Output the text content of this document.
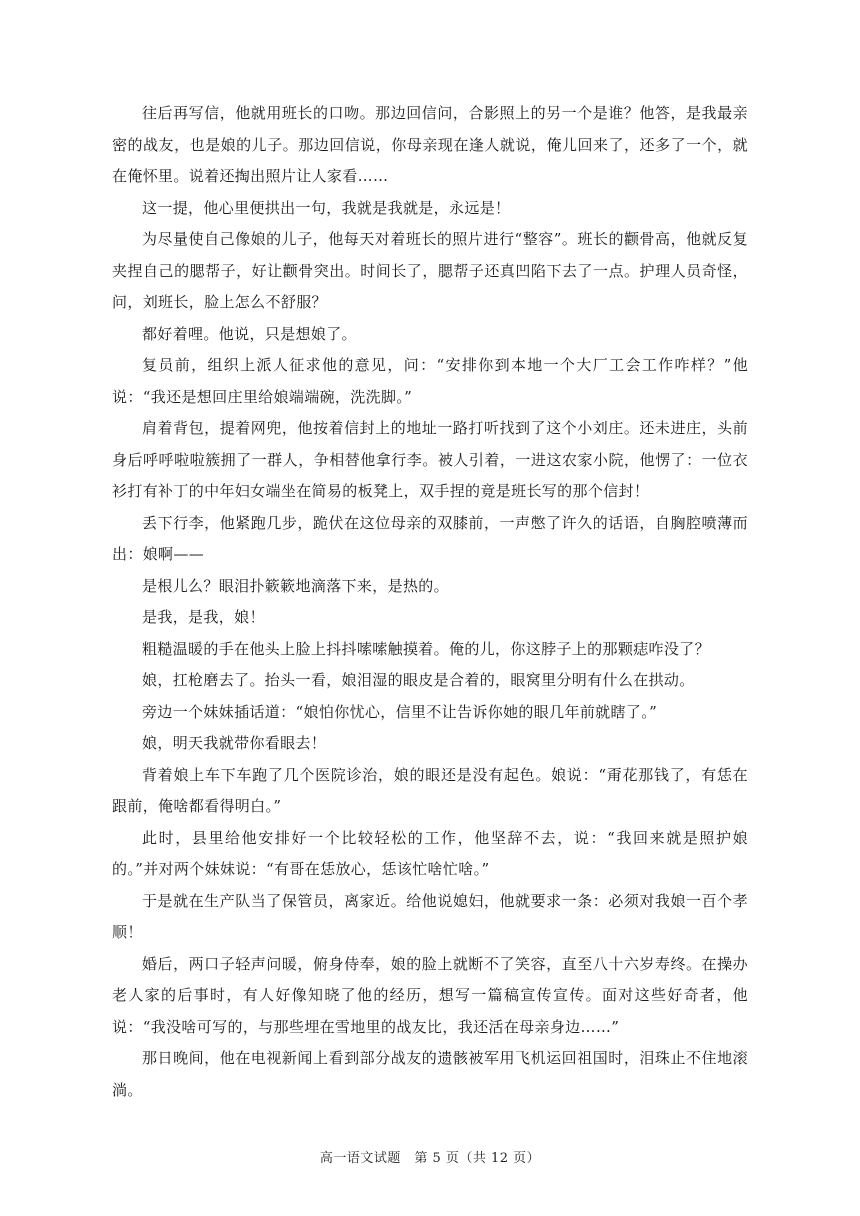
往后再写信，他就用班长的口吻。那边回信问，合影照上的另一个是谁？他答，是我最亲密的战友，也是娘的儿子。那边回信说，你母亲现在逢人就说，俺儿回来了，还多了一个，就在俺怀里。说着还掏出照片让人家看……

这一提，他心里便拱出一句，我就是我就是，永远是！

为尽量使自己像娘的儿子，他每天对着班长的照片进行“整容”。班长的颧骨高，他就反复夹捏自己的腮帮子，好让颧骨突出。时间长了，腮帮子还真凹陷下去了一点。护理人员奇怪，问，刘班长，脸上怎么不舒服？

都好着哩。他说，只是想娘了。

复员前，组织上派人征求他的意见，问：“安排你到本地一个大厂工会工作咋样？”他说：“我还是想回庄里给娘端端碗，洗洗脚。”

肩着背包，提着网兜，他按着信封上的地址一路打听找到了这个小刘庄。还未进庄，头前身后呼呼啦啦簇拥了一群人，争相替他拿行李。被人引着，一进这农家小院，他愣了：一位衣衫打有补丁的中年妇女端坐在简易的板凳上，双手捏的竟是班长写的那个信封！

丢下行李，他紧跑几步，跪伏在这位母亲的双膝前，一声憋了许久的话语，自胸腔喷薄而出：娘啊——

是根儿么？眼泪扑簌簌地滴落下来，是热的。

是我，是我，娘！

粗糙温暖的手在他头上脸上抖抖嗦嗦触摸着。俺的儿，你这脖子上的那颗痣咋没了？

娘，扛枪磨去了。抬头一看，娘泪湿的眼皮是合着的，眼窝里分明有什么在拱动。

旁边一个妹妹插话道：“娘怕你忧心，信里不让告诉你她的眼几年前就瞎了。”

娘，明天我就带你看眼去！

背着娘上车下车跑了几个医院诊治，娘的眼还是没有起色。娘说：“甭花那钱了，有恁在跟前，俺啥都看得明白。”

此时，县里给他安排好一个比较轻松的工作，他坚辞不去，说：“我回来就是照护娘的。”并对两个妹妹说：“有哥在恁放心，恁该忙啥忙啥。”

于是就在生产队当了保管员，离家近。给他说媳妇，他就要求一条：必须对我娘一百个孝顺！

婚后，两口子轻声问暖，俯身侍奉，娘的脸上就断不了笑容，直至八十六岁寿终。在操办老人家的后事时，有人好像知晓了他的经历，想写一篇稿宣传宣传。面对这些好奇者，他说：“我没啥可写的，与那些埋在雪地里的战友比，我还活在母亲身边……”

那日晚间，他在电视新闻上看到部分战友的遗骸被军用飞机运回祖国时，泪珠止不住地滚淌。

高一语文试题　第 5 页（共 12 页）
